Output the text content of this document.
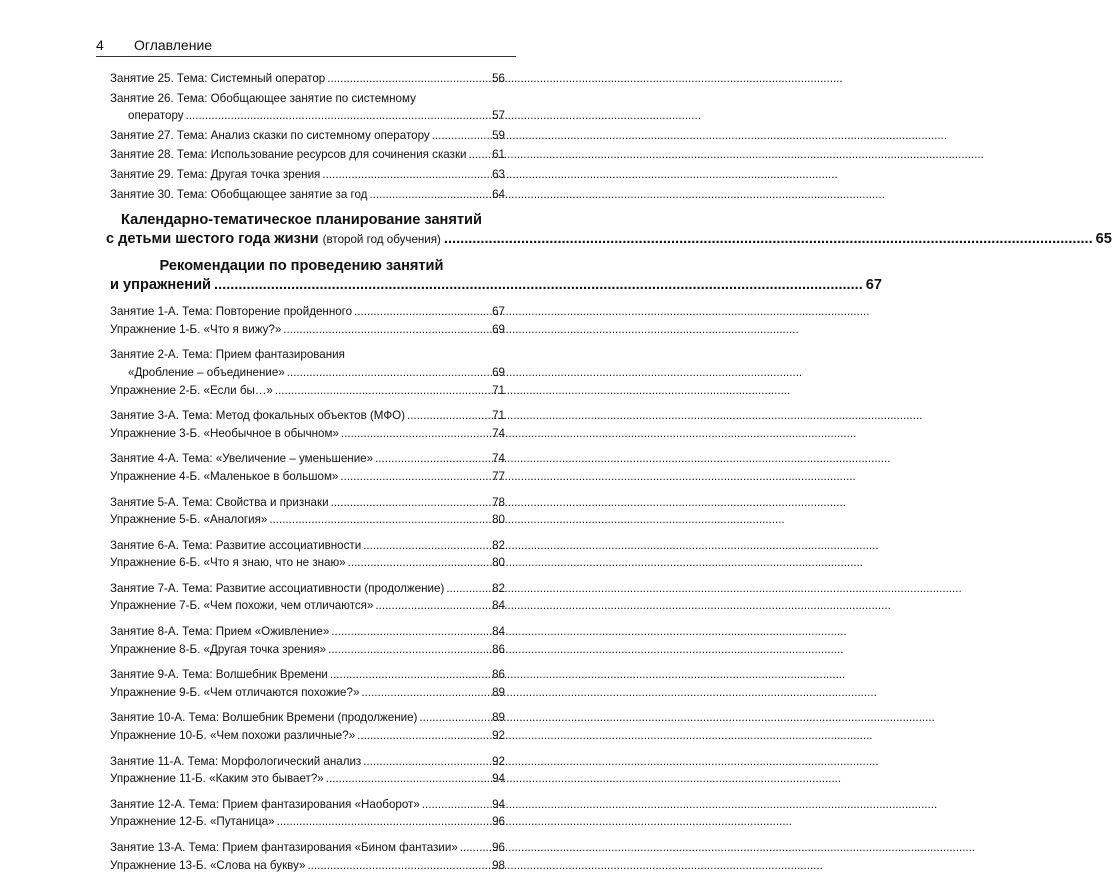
4 Оглавление
Занятие 25. Тема: Системный оператор .....	56
Занятие 26. Тема: Обобщающее занятие по системному
оператору .....	57
Занятие 27. Тема: Анализ сказки по системному оператору .....	59
Занятие 28. Тема: Использование ресурсов для сочинения сказки ..... 61
Занятие 29. Тема: Другая точка зрения .....	63
Занятие 30. Тема: Обобщающее занятие за год .....	64
Календарно-тематическое планирование занятий
с детьми шестого года жизни (второй год обучения) .....	65
Рекомендации по проведению занятий
и упражнений .....	67
Занятие 1-А. Тема: Повторение пройденного .....	67
Упражнение 1-Б. «Что я вижу?» .....	69
Занятие 2-А. Тема: Прием фантазирования
«Дробление – объединение» .....	69
Упражнение 2-Б. «Если бы…» .....	71
Занятие 3-А. Тема: Метод фокальных объектов (МФО) .....	71
Упражнение 3-Б. «Необычное в обычном» .....	74
Занятие 4-А. Тема: «Увеличение – уменьшение» .....	74
Упражнение 4-Б. «Маленькое в большом» .....	77
Занятие 5-А. Тема: Свойства и признаки .....	78
Упражнение 5-Б. «Аналогия» .....	80
Занятие 6-А. Тема: Развитие ассоциативности .....	82
Упражнение 6-Б. «Что я знаю, что не знаю» .....	80
Занятие 7-А. Тема: Развитие ассоциативности (продолжение) .....	82
Упражнение 7-Б. «Чем похожи, чем отличаются» .....	84
Занятие 8-А. Тема: Прием «Оживление» .....	84
Упражнение 8-Б. «Другая точка зрения» .....	86
Занятие 9-А. Тема: Волшебник Времени .....	86
Упражнение 9-Б. «Чем отличаются похожие?» .....	89
Занятие 10-А. Тема: Волшебник Времени (продолжение) .....	89
Упражнение 10-Б. «Чем похожи различные?» .....	92
Занятие 11-А. Тема: Морфологический анализ .....	92
Упражнение 11-Б. «Каким это бывает?» .....	94
Занятие 12-А. Тема: Прием фантазирования «Наоборот» .....	94
Упражнение 12-Б. «Путаница» .....	96
Занятие 13-А. Тема: Прием фантазирования «Бином фантазии» .....	96
Упражнение 13-Б. «Слова на букву» .....	98
